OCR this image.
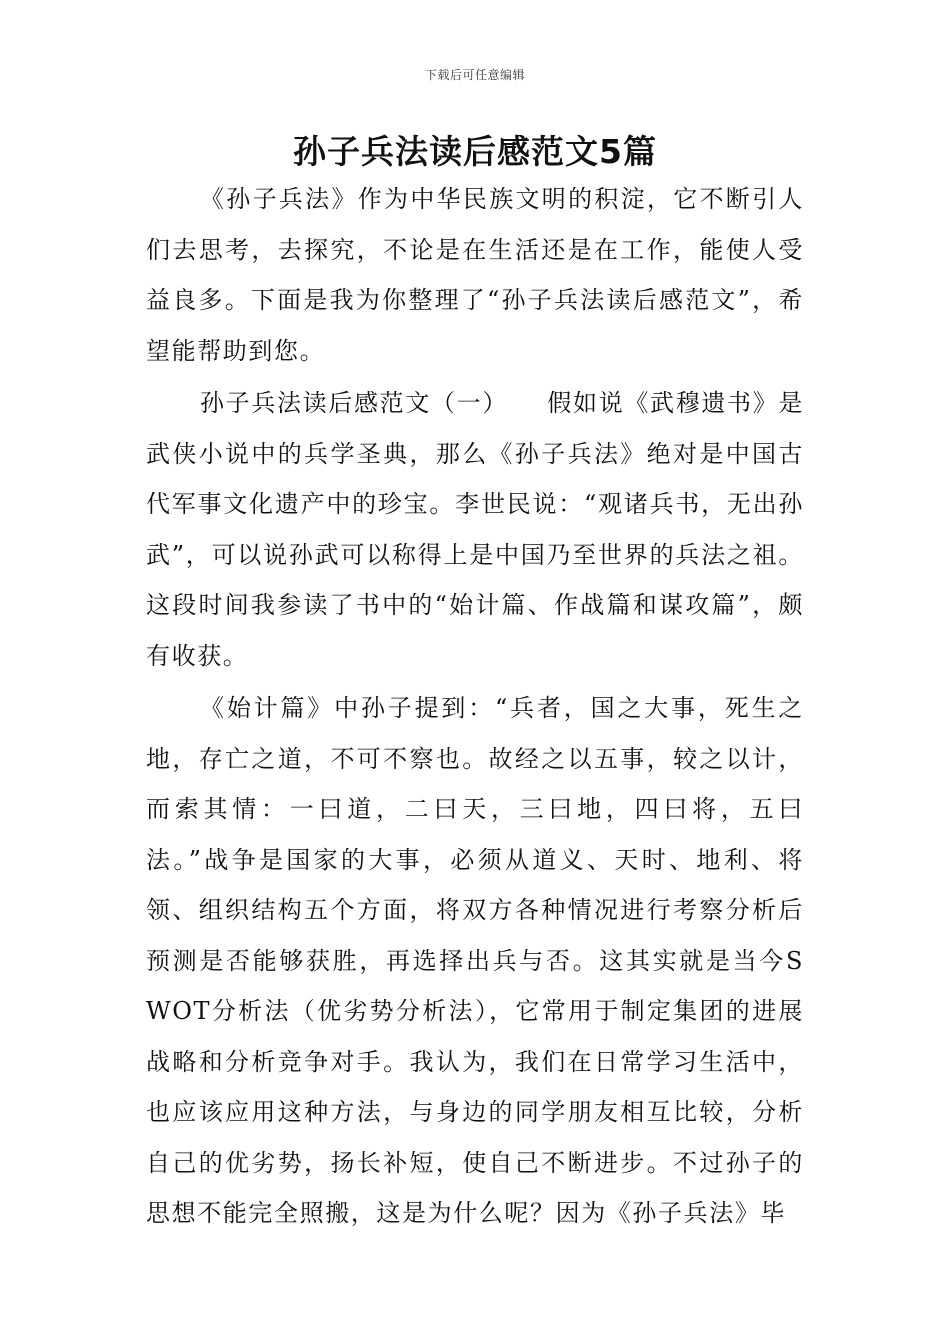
下载后可任意编辑
孙子兵法读后感范文5篇

《孙子兵法》作为中华民族文明的积淀，它不断引人们去思考，去探究，不论是在生活还是在工作，能使人受益良多。下面是我为你整理了“孙子兵法读后感范文”，希望能帮助到您。

孙子兵法读后感范文（一）　　假如说《武穆遗书》是武侠小说中的兵学圣典，那么《孙子兵法》绝对是中国古代军事文化遗产中的珍宝。李世民说：“观诸兵书，无出孙武”，可以说孙武可以称得上是中国乃至世界的兵法之祖。这段时间我参读了书中的“始计篇、作战篇和谋攻篇”，颇有收获。

《始计篇》中孙子提到：“兵者，国之大事，死生之地，存亡之道，不可不察也。故经之以五事，较之以计，而索其情：一曰道，二曰天，三曰地，四曰将，五曰法。”战争是国家的大事，必须从道义、天时、地利、将领、组织结构五个方面，将双方各种情况进行考察分析后预测是否能够获胜，再选择出兵与否。这其实就是当今SWOT分析法（优劣势分析法），它常用于制定集团的进展战略和分析竞争对手。我认为，我们在日常学习生活中，也应该应用这种方法，与身边的同学朋友相互比较，分析自己的优劣势，扬长补短，使自己不断进步。不过孙子的思想不能完全照搬，这是为什么呢？因为《孙子兵法》毕
